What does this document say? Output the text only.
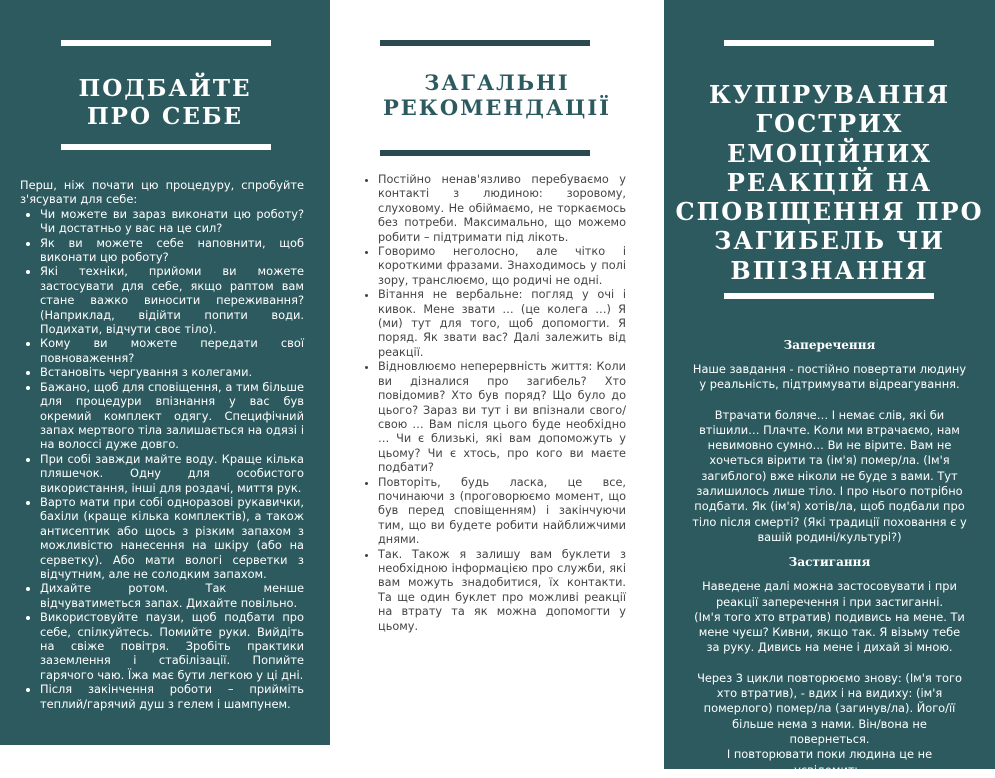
ПОДБАЙТЕ
ПРО СЕБЕ
Перш, ніж почати цю процедуру, спробуйте з'ясувати для себе:
• Чи можете ви зараз виконати цю роботу? Чи достатньо у вас на це сил?
• Як ви можете себе наповнити, щоб виконати цю роботу?
• Які техніки, прийоми ви можете застосувати для себе, якщо раптом вам стане важко виносити переживання? (Наприклад, відійти попити води. Подихати, відчути своє тіло).
• Кому ви можете передати свої повноваження?
• Встановіть чергування з колегами.
• Бажано, щоб для сповіщення, а тим більше для процедури впізнання у вас був окремий комплект одягу. Специфічний запах мертвого тіла залишається на одязі і на волоссі дуже довго.
• При собі завжди майте воду. Краще кілька пляшечок. Одну для особистого використання, інші для роздачі, миття рук.
• Варто мати при собі одноразові рукавички, бахіли (краще кілька комплектів), а також антисептик або щось з різким запахом з можливістю нанесення на шкіру (або на серветку). Або мати вологі серветки з відчутним, але не солодким запахом.
• Дихайте ротом. Так менше відчуватиметься запах. Дихайте повільно.
• Використовуйте паузи, щоб подбати про себе, спілкуйтесь. Помийте руки. Вийдіть на свіже повітря. Зробіть практики заземлення і стабілізації. Попийте гарячого чаю. Їжа має бути легкою у ці дні.
• Після закінчення роботи – прийміть теплий/гарячий душ з гелем і шампунем.
ЗАГАЛЬНІ
РЕКОМЕНДАЦІЇ
• Постійно ненав'язливо перебуваємо у контакті з людиною: зоровому, слуховому. Не обіймаємо, не торкаємось без потреби. Максимально, що можемо робити – підтримати під лікоть.
• Говоримо неголосно, але чітко і короткими фразами. Знаходимось у полі зору, транслюємо, що родичі не одні.
• Вітання не вербальне: погляд у очі і кивок. Мене звати … (це колега …) Я (ми) тут для того, щоб допомогти. Я поряд. Як звати вас? Далі залежить від реакції.
• Відновлюємо неперервність життя: Коли ви дізналися про загибель? Хто повідомив? Хто був поряд? Що було до цього? Зараз ви тут і ви впізнали свого/свою … Вам після цього буде необхідно … Чи є близькі, які вам допоможуть у цьому? Чи є хтось, про кого ви маєте подбати?
• Повторіть, будь ласка, це все, починаючи з (проговорюємо момент, що був перед сповіщенням) і закінчуючи тим, що ви будете робити найближчими днями.
• Так. Також я залишу вам буклети з необхідною інформацією про служби, які вам можуть знадобитися, їх контакти. Та ще один буклет про можливі реакції на втрату та як можна допомогти у цьому.
КУПІРУВАННЯ
ГОСТРИХ
ЕМОЦІЙНИХ
РЕАКЦІЙ НА
СПОВІЩЕННЯ ПРО
ЗАГИБЕЛЬ ЧИ
ВПІЗНАННЯ
Заперечення

Наше завдання - постійно повертати людину у реальність, підтримувати відреагування.

Втрачати боляче… І немає слів, які би втішили… Плачте. Коли ми втрачаємо, нам невимовно сумно… Ви не вірите. Вам не хочеться вірити та (ім'я) помер/ла. (Ім'я загиблого) вже ніколи не буде з вами. Тут залишилось лише тіло. І про нього потрібно подбати. Як (ім'я) хотів/ла, щоб подбали про тіло після смерті? (Які традиції поховання є у вашій родині/культурі?)

Застигання

Наведене далі можна застосовувати і при реакції заперечення і при застиганні.
(Ім'я того хто втратив) подивись на мене. Ти мене чуєш? Кивни, якщо так. Я візьму тебе за руку. Дивись на мене і дихай зі мною.

Через 3 цикли повторюємо знову: (Ім'я того хто втратив), - вдих і на видиху: (ім'я померлого) помер/ла (загинув/ла). Його/її більше нема з нами. Він/вона не повернеться.
І повторювати поки людина це не усвідомить.
